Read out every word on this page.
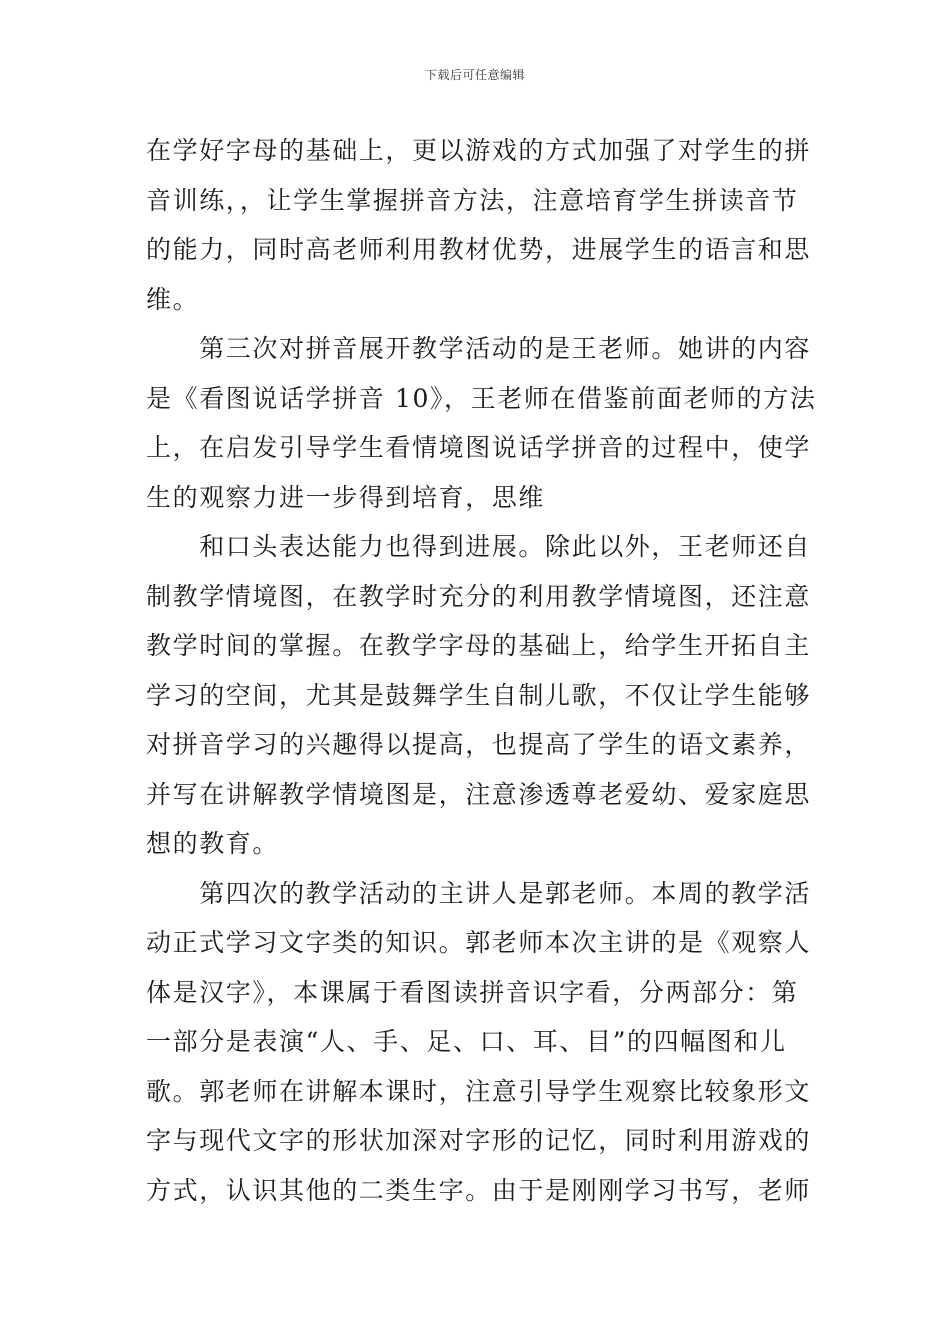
下载后可任意编辑
在学好字母的基础上，更以游戏的方式加强了对学生的拼
音训练，，让学生掌握拼音方法，注意培育学生拼读音节
的能力，同时高老师利用教材优势，进展学生的语言和思
维。
　　第三次对拼音展开教学活动的是王老师。她讲的内容
是《看图说话学拼音 10》，王老师在借鉴前面老师的方法
上，在启发引导学生看情境图说话学拼音的过程中，使学
生的观察力进一步得到培育，思维
　　和口头表达能力也得到进展。除此以外，王老师还自
制教学情境图，在教学时充分的利用教学情境图，还注意
教学时间的掌握。在教学字母的基础上，给学生开拓自主
学习的空间，尤其是鼓舞学生自制儿歌，不仅让学生能够
对拼音学习的兴趣得以提高，也提高了学生的语文素养，
并写在讲解教学情境图是，注意渗透尊老爱幼、爱家庭思
想的教育。
　　第四次的教学活动的主讲人是郭老师。本周的教学活
动正式学习文字类的知识。郭老师本次主讲的是《观察人
体是汉字》，本课属于看图读拼音识字看，分两部分：第
一部分是表演“人、手、足、口、耳、目”的四幅图和儿
歌。郭老师在讲解本课时，注意引导学生观察比较象形文
字与现代文字的形状加深对字形的记忆，同时利用游戏的
方式，认识其他的二类生字。由于是刚刚学习书写，老师
